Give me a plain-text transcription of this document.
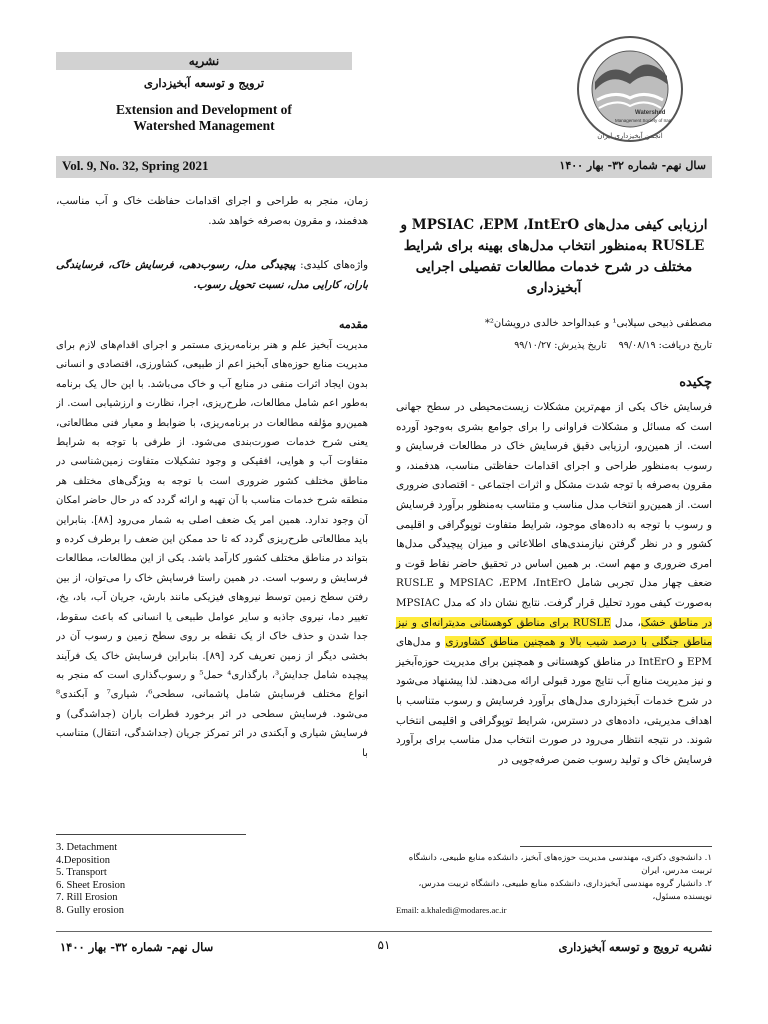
نشریه
ترویج و توسعه آبخیزداری
Extension and Development of
Watershed Management
Watershed
Management Society of Iran
انجمن آبخیزداری ایران
Vol. 9, No. 32, Spring 2021	سال نهم- شماره ۳۲- بهار ۱۴۰۰
ارزیابی کیفی مدل‌های MPSIAC ،EPM ،IntErO و RUSLE به‌منظور انتخاب مدل‌های بهینه برای شرایط مختلف در شرح خدمات مطالعات تفصیلی اجرایی آبخیزداری
مصطفی ذبیحی سیلابی¹ و عبدالواحد خالدی درویشان²*
تاریخ دریافت: ۹۹/۰۸/۱۹    تاریخ پذیرش: ۹۹/۱۰/۲۷
چکیده
فرسایش خاک یکی از مهم‌ترین مشکلات زیست‌محیطی در سطح جهانی است که مسائل و مشکلات فراوانی را برای جوامع بشری به‌وجود آورده است. از همین‌رو، ارزیابی دقیق فرسایش خاک در مطالعات فرسایش و رسوب به‌منظور طراحی و اجرای اقدامات حفاظتی مناسب، هدفمند، و مقرون به‌صرفه با توجه شدت مشکل و اثرات اجتماعی - اقتصادی ضروری است. از همین‌رو انتخاب مدل مناسب و متناسب به‌منظور برآورد فرسایش و رسوب با توجه به داده‌های موجود، شرایط متفاوت توپوگرافی و اقلیمی کشور و در نظر گرفتن نیازمندی‌های اطلاعاتی و میزان پیچیدگی مدل‌ها امری ضروری و مهم است. بر همین اساس در تحقیق حاضر نقاط قوت و ضعف چهار مدل تجربی شامل MPSIAC ،EPM ،IntErO و RUSLE به‌صورت کیفی مورد تحلیل قرار گرفت. نتایج نشان داد که مدل MPSIAC در مناطق خشک، مدل RUSLE برای مناطق کوهستانی مدیترانه‌ای و نیز مناطق جنگلی با درصد شیب بالا و همچنین مناطق کشاورزی و مدل‌های EPM و IntErO در مناطق کوهستانی و همچنین برای مدیریت حوزه‌آبخیز و نیز مدیریت منابع آب نتایج مورد قبولی ارائه می‌دهند. لذا پیشنهاد می‌شود در شرح خدمات آبخیزداری مدل‌های برآورد فرسایش و رسوب متناسب با اهداف مدیریتی، داده‌های در دسترس، شرایط توپوگرافی و اقلیمی انتخاب شوند. در نتیجه انتظار می‌رود در صورت انتخاب مدل مناسب برای برآورد فرسایش خاک و تولید رسوب ضمن صرفه‌جویی در
۱. دانشجوی دکتری، مهندسی مدیریت حوزه‌های آبخیز، دانشکده منابع طبیعی، دانشگاه تربیت مدرس، ایران
۲. دانشیار گروه مهندسی آبخیزداری، دانشکده منابع طبیعی، دانشگاه تربیت مدرس، نویسنده مسئول،
Email: a.khaledi@modares.ac.ir
زمان، منجر به طراحی و اجرای اقدامات حفاظت خاک و آب مناسب، هدفمند، و مقرون به‌صرفه خواهد شد.
واژه‌های کلیدی: پیچیدگی مدل، رسوب‌دهی، فرسایش خاک، فرسایندگی باران، کارایی مدل، نسبت تحویل رسوب.
مقدمه
مدیریت آبخیز علم و هنر برنامه‌ریزی مستمر و اجرای اقدام‌های لازم برای مدیریت منابع حوزه‌های آبخیز اعم از طبیعی، کشاورزی، اقتصادی و انسانی بدون ایجاد اثرات منفی در منابع آب و خاک می‌باشد. با این حال یک برنامه به‌طور اعم شامل مطالعات، طرح‌ریزی، اجرا، نظارت و ارزشیابی است. از همین‌رو مؤلفه مطالعات در برنامه‌ریزی، با ضوابط و معیار فنی مطالعاتی، یعنی شرح خدمات صورت‌بندی می‌شود. از طرفی با توجه به شرایط متفاوت آب و هوایی، افقیکی و وجود تشکیلات متفاوت زمین‌شناسی در مناطق مختلف کشور ضروری است با توجه به ویژگی‌های مختلف هر منطقه شرح خدمات مناسب با آن تهیه و ارائه گردد که در حال حاضر امکان آن وجود ندارد. همین امر یک ضعف اصلی به شمار می‌رود [۸۸]. بنابراین باید مطالعاتی طرح‌ریزی گردد که تا حد ممکن این ضعف را برطرف کرده و بتواند در مناطق مختلف کشور کارآمد باشد. یکی از این مطالعات، مطالعات فرسایش و رسوب است. در همین راستا فرسایش خاک را می‌توان، از بین رفتن سطح زمین توسط نیروهای فیزیکی مانند بارش، جریان آب، باد، یخ، تغییر دما، نیروی جاذبه و سایر عوامل طبیعی یا انسانی که باعث سقوط، جدا شدن و حذف خاک از یک نقطه بر روی سطح زمین و رسوب آن در بخشی دیگر از زمین تعریف کرد [۸۹]. بنابراین فرسایش خاک یک فرآیند پیچیده شامل جدایش³، بارگذاری⁴ حمل⁵ و رسوب‌گذاری است که منجر به انواع مختلف فرسایش شامل پاشمانی، سطحی⁶، شیاری⁷ و آبکندی⁸ می‌شود. فرسایش سطحی در اثر برخورد قطرات باران (جداشدگی) و فرسایش شیاری و آبکندی در اثر تمرکز جریان (جداشدگی، انتقال) متناسب با
3. Detachment
4.Deposition
5. Transport
6. Sheet Erosion
7. Rill Erosion
8. Gully erosion
نشریه ترویج و توسعه آبخیزداری
۵۱
سال نهم- شماره ۳۲- بهار ۱۴۰۰
